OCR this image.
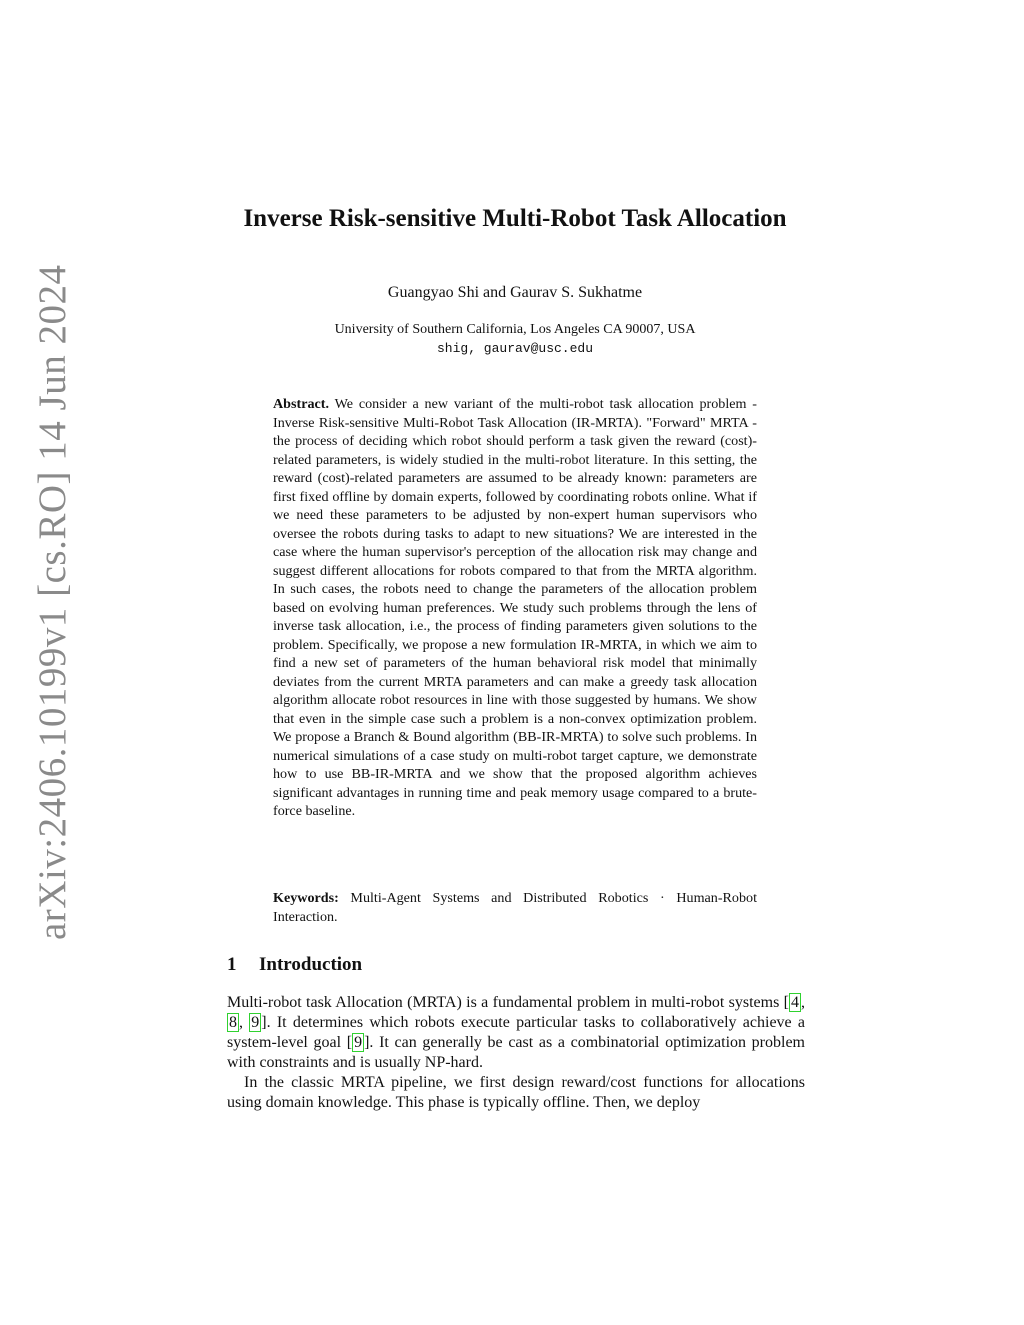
arXiv:2406.10199v1 [cs.RO] 14 Jun 2024
Inverse Risk-sensitive Multi-Robot Task Allocation
Guangyao Shi and Gaurav S. Sukhatme
University of Southern California, Los Angeles CA 90007, USA
shig, gaurav@usc.edu

Abstract. We consider a new variant of the multi-robot task allocation problem - Inverse Risk-sensitive Multi-Robot Task Allocation (IR-MRTA). "Forward" MRTA - the process of deciding which robot should perform a task given the reward (cost)-related parameters, is widely studied in the multi-robot literature. In this setting, the reward (cost)-related parameters are assumed to be already known: parameters are first fixed offline by domain experts, followed by coordinating robots online. What if we need these parameters to be adjusted by non-expert human supervisors who oversee the robots during tasks to adapt to new situations? We are interested in the case where the human supervisor's perception of the allocation risk may change and suggest different allocations for robots compared to that from the MRTA algorithm. In such cases, the robots need to change the parameters of the allocation problem based on evolving human preferences. We study such problems through the lens of inverse task allocation, i.e., the process of finding parameters given solutions to the problem. Specifically, we propose a new formulation IR-MRTA, in which we aim to find a new set of parameters of the human behavioral risk model that minimally deviates from the current MRTA parameters and can make a greedy task allocation algorithm allocate robot resources in line with those suggested by humans. We show that even in the simple case such a problem is a non-convex optimization problem. We propose a Branch & Bound algorithm (BB-IR-MRTA) to solve such problems. In numerical simulations of a case study on multi-robot target capture, we demonstrate how to use BB-IR-MRTA and we show that the proposed algorithm achieves significant advantages in running time and peak memory usage compared to a brute-force baseline.

Keywords: Multi-Agent Systems and Distributed Robotics · Human-Robot Interaction.

1 Introduction

Multi-robot task Allocation (MRTA) is a fundamental problem in multi-robot systems [ 4 , 8 , 9 ]. It determines which robots execute particular tasks to collaboratively achieve a system-level goal [ 9 ]. It can generally be cast as a combinatorial optimization problem with constraints and is usually NP-hard.

In the classic MRTA pipeline, we first design reward/cost functions for allocations using domain knowledge. This phase is typically offline. Then, we deploy
